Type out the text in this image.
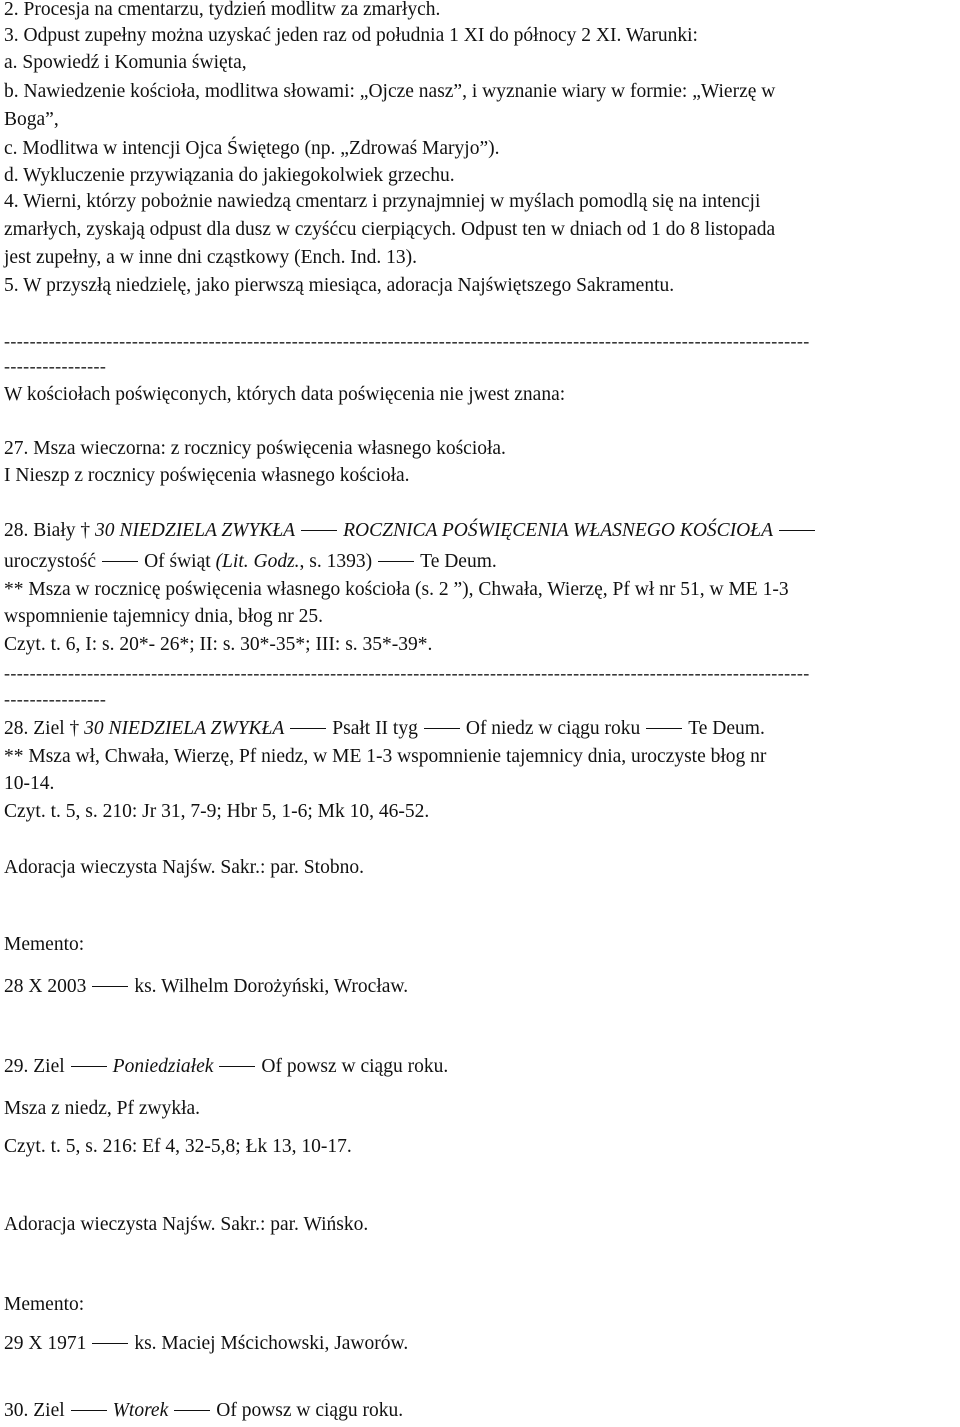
2. Procesja na cmentarzu, tydzień modlitw za zmarłych.
3. Odpust zupełny można uzyskać jeden raz od południa 1 XI do północy 2 XI. Warunki:
a. Spowiedź i Komunia święta,
b. Nawiedzenie kościoła, modlitwa słowami: „Ojcze nasz”, i wyznanie wiary w formie: „Wierzę w
Boga”,
c. Modlitwa w intencji Ojca Świętego (np. „Zdrowaś Maryjo”).
d. Wykluczenie przywiązania do jakiegokolwiek grzechu.
4. Wierni, którzy pobożnie nawiedzą cmentarz i przynajmniej w myślach pomodlą się na intencji
zmarłych, zyskają odpust dla dusz w czyśćcu cierpiących. Odpust ten w dniach od 1 do 8 listopada
jest zupełny, a w inne dni cząstkowy (Ench. Ind. 13).
5. W przyszłą niedzielę, jako pierwszą miesiąca, adoracja Najświętszego Sakramentu.
------------------------------------------------------------------------------------------------------------------------------
----------------
W kościołach poświęconych, których data poświęcenia nie jwest znana:
27. Msza wieczorna: z rocznicy poświęcenia własnego kościoła.
I Nieszp z rocznicy poświęcenia własnego kościoła.
28. Biały † 30 NIEDZIELA ZWYKŁA ROCZNICA POŚWIĘCENIA WŁASNEGO KOŚCIOŁA
uroczystość Of świąt (Lit. Godz., s. 1393) Te Deum.
** Msza w rocznicę poświęcenia własnego kościoła (s. 2 ”), Chwała, Wierzę, Pf wł nr 51, w ME 1-3
wspomnienie tajemnicy dnia, błog nr 25.
Czyt. t. 6, I: s. 20*- 26*; II: s. 30*-35*; III: s. 35*-39*.
------------------------------------------------------------------------------------------------------------------------------
----------------
28. Ziel † 30 NIEDZIELA ZWYKŁA Psałt II tyg Of niedz w ciągu roku Te Deum.
** Msza wł, Chwała, Wierzę, Pf niedz, w ME 1-3 wspomnienie tajemnicy dnia, uroczyste błog nr
10-14.
Czyt. t. 5, s. 210: Jr 31, 7-9; Hbr 5, 1-6; Mk 10, 46-52.
Adoracja wieczysta Najśw. Sakr.: par. Stobno.
Memento:
28 X 2003 ks. Wilhelm Dorożyński, Wrocław.
29. Ziel Poniedziałek Of powsz w ciągu roku.
Msza z niedz, Pf zwykła.
Czyt. t. 5, s. 216: Ef 4, 32-5,8; Łk 13, 10-17.
Adoracja wieczysta Najśw. Sakr.: par. Wińsko.
Memento:
29 X 1971 ks. Maciej Mścichowski, Jaworów.
30. Ziel Wtorek Of powsz w ciągu roku.
